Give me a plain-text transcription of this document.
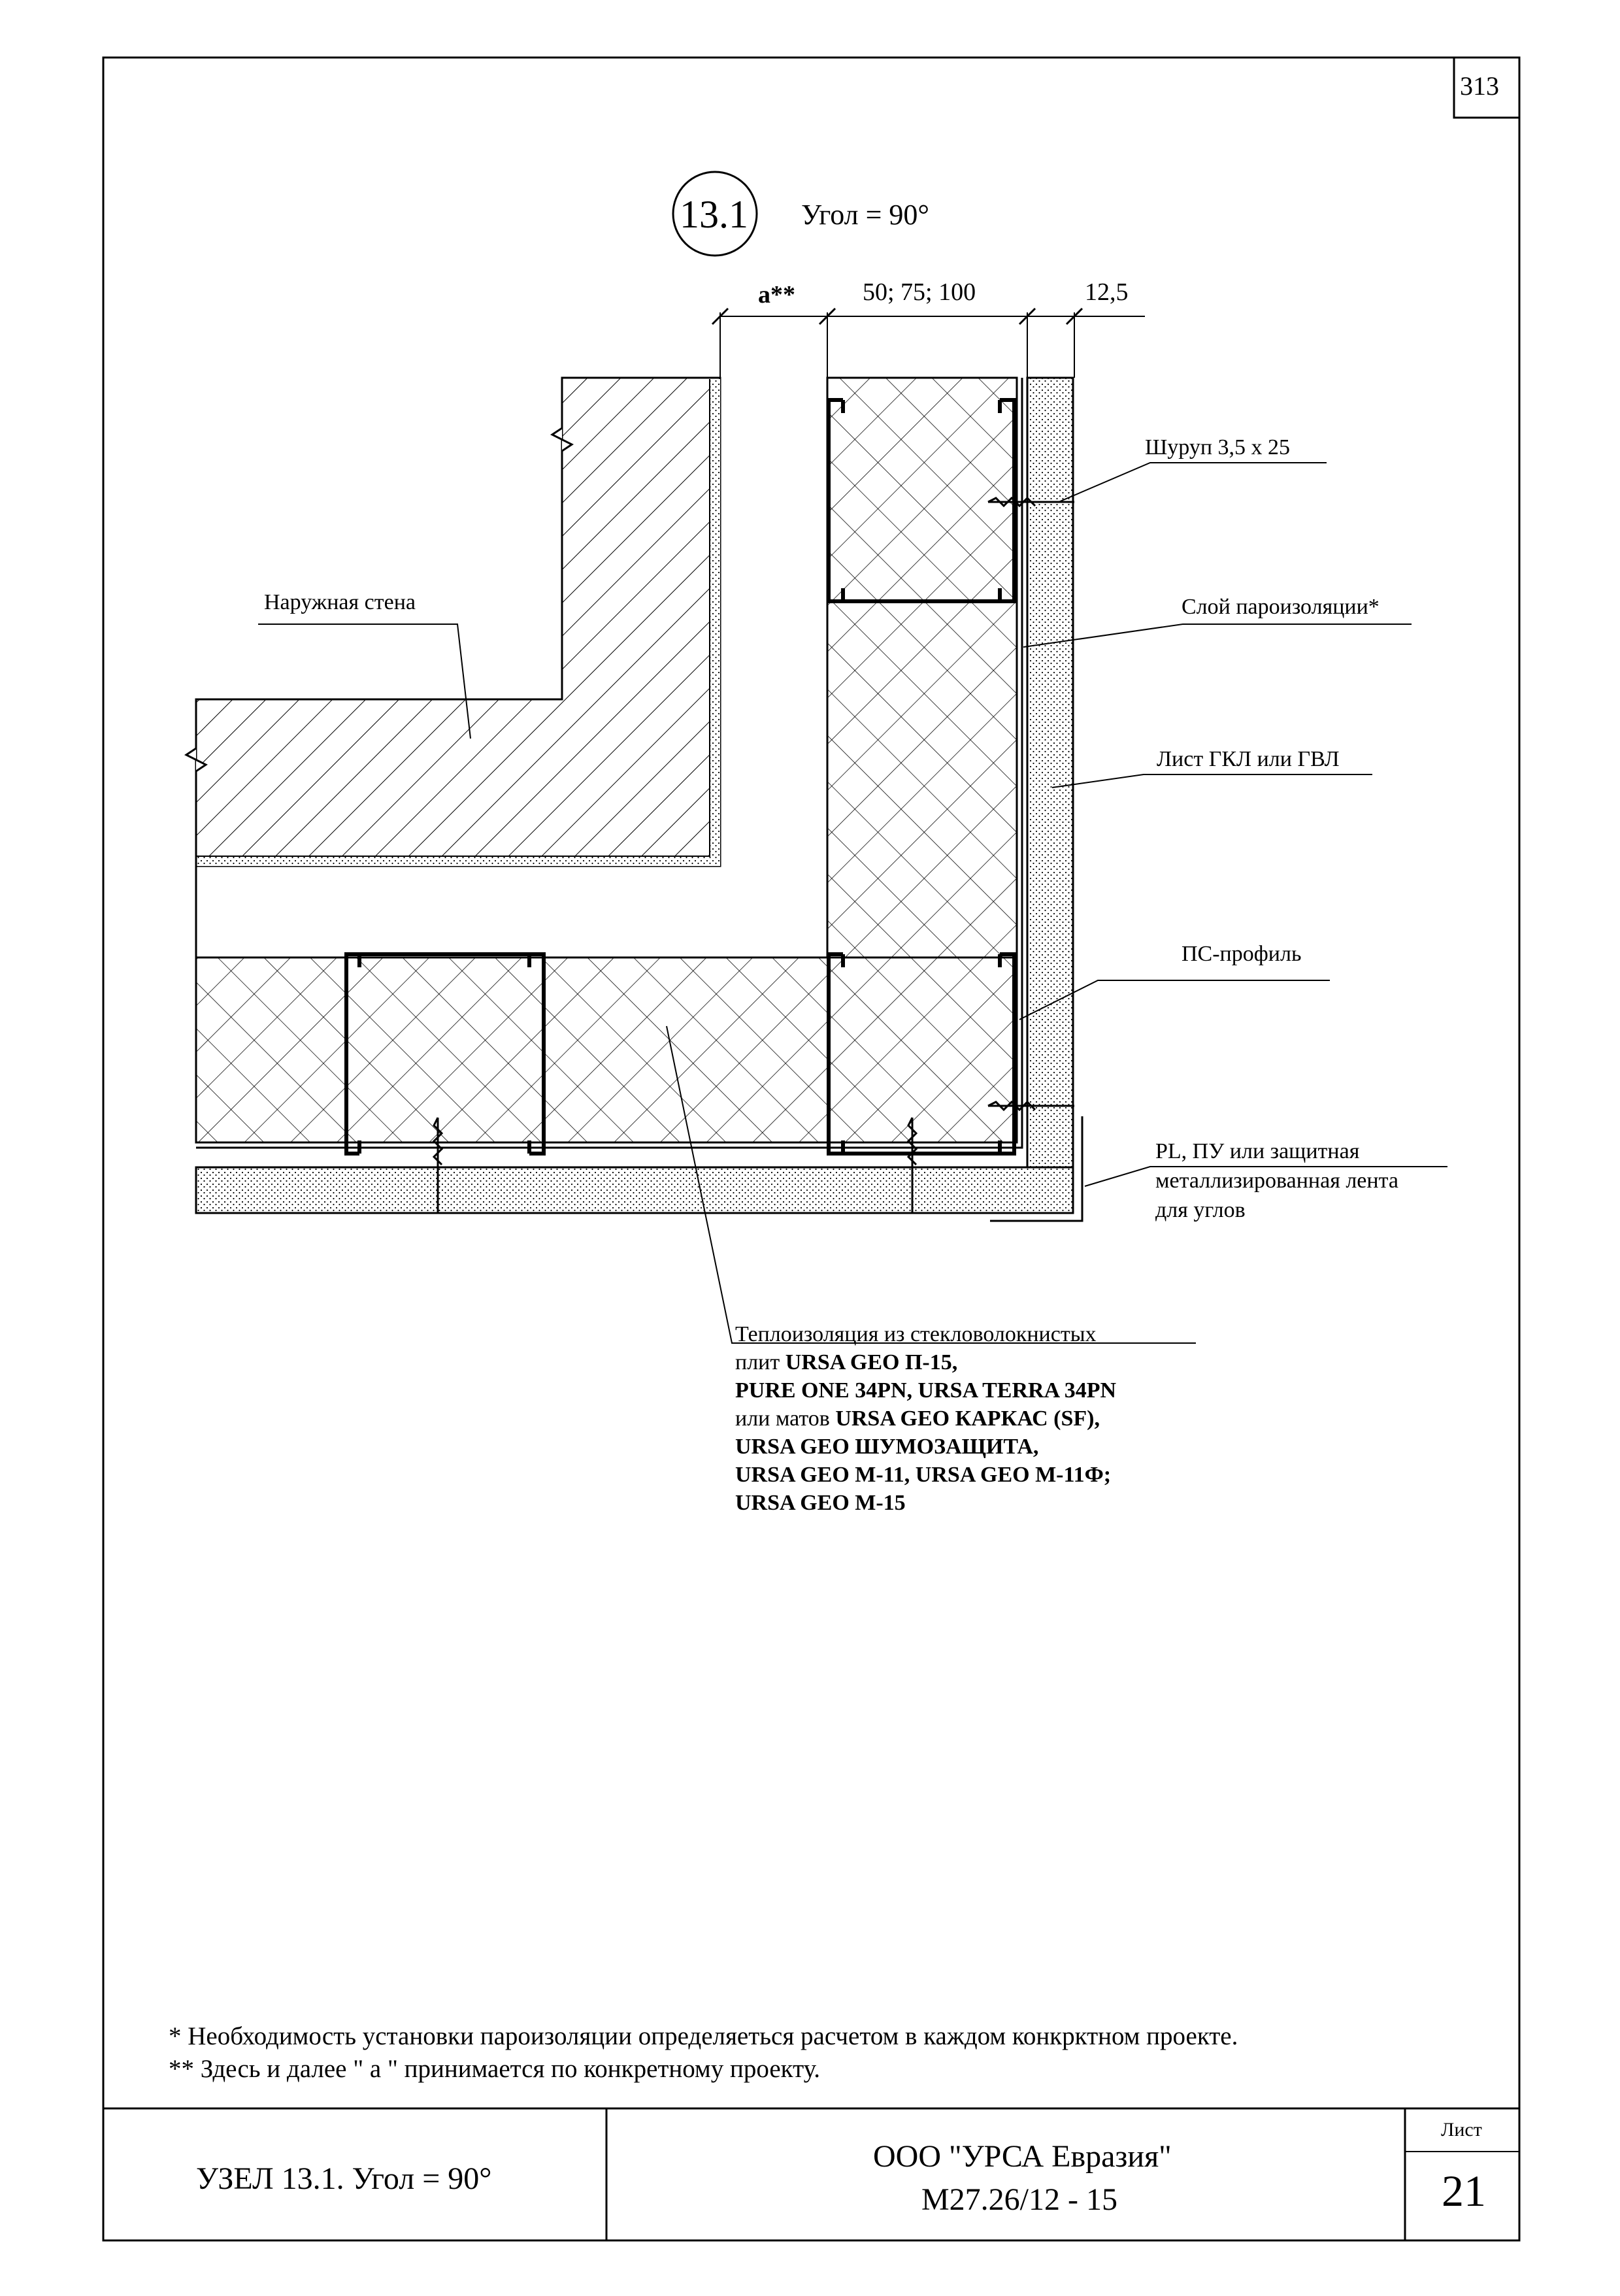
313
13.1 Угол = 90°
a**	50; 75; 100	12,5
Наружная стена
Шуруп 3,5 х 25
Слой пароизоляции*
Лист ГКЛ или ГВЛ
ПС-профиль
PL, ПУ или защитная
металлизированная лента
для углов
Теплоизоляция из стекловолокнистых
плит URSA GEO П-15,
PURE ONE 34PN, URSA TERRA 34PN
или матов URSA GEO КАРКАС (SF),
URSA GEO ШУМОЗАЩИТА,
URSA GEO М-11, URSA GEO М-11Ф;
URSA GEO М-15
* Необходимость установки пароизоляции определяеться расчетом в каждом конкрктном проекте.
** Здесь и далее " а " принимается по конкретному проекту.
УЗЕЛ 13.1. Угол = 90°
ООО "УРСА Евразия"
М27.26/12 - 15
Лист
21
